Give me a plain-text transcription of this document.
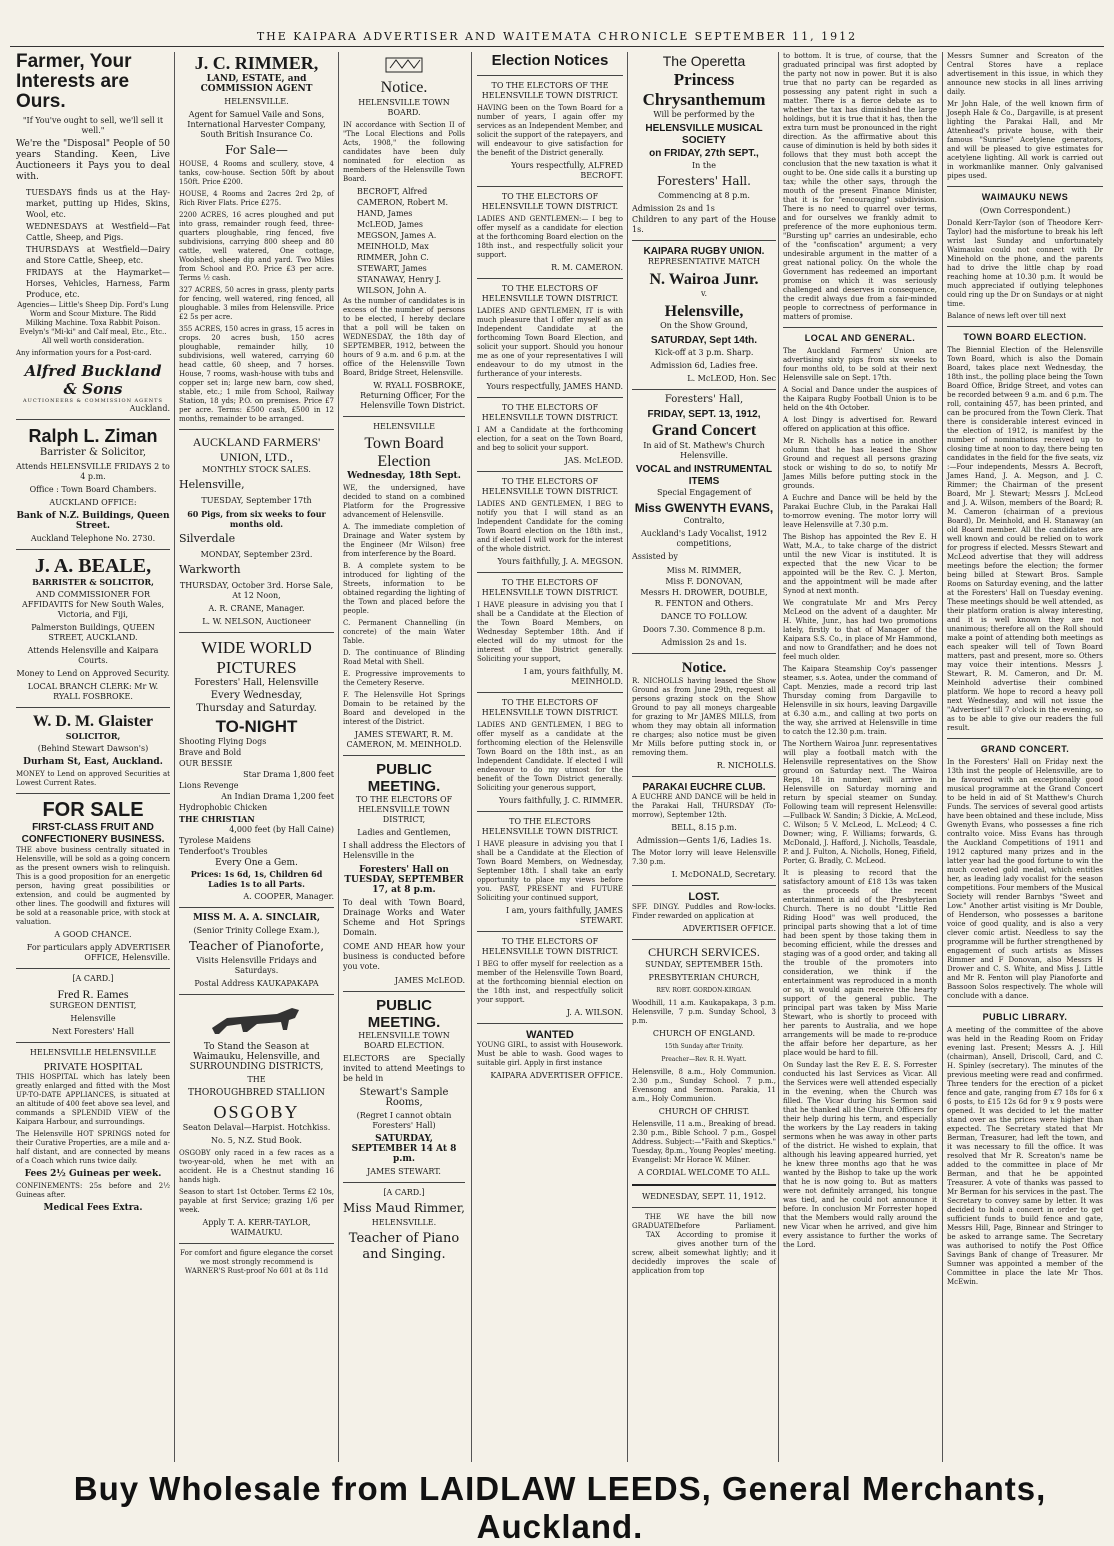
THE KAIPARA ADVERTISER AND WAITEMATA CHRONICLE SEPTEMBER 11, 1912
Farmer, Your Interests are Ours.
"If You've ought to sell, we'll sell it well."
We're the "Disposal" People of 50 years Standing. Keen, Live Auctioneers it Pays you to deal with.

TUESDAYS finds us at the Hay-market, putting up Hides, Skins, Wool, etc.

WEDNESDAYS at Westfield—Fat Cattle, Sheep, and Pigs.

THURSDAYS at Westfield—Dairy and Store Cattle, Sheep, etc.

FRIDAYS at the Haymarket—Horses, Vehicles, Harness, Farm Produce, etc.

Agencies— Little's Sheep Dip. Ford's Lung Worm and Scour Mixture. The Ridd Milking Machine. Toxa Rabbit Poison. Evelyn's "Mi-ki" and Calf meal, Etc., Etc.. All well worth consideration.
Any information yours for a Post-card.
Alfred Buckland & Sons
AUCTIONEERS & COMMISSION AGENTS
Auckland.
Ralph L. Ziman
Barrister & Solicitor,
Attends HELENSVILLE FRIDAYS 2 to 4 p.m.
Office : Town Board Chambers.
AUCKLAND OFFICE:
Bank of N.Z. Buildings, Queen Street.
Auckland Telephone No. 2730.
J. A. BEALE,
BARRISTER & SOLICITOR,
AND COMMISSIONER FOR AFFIDAVITS for New South Wales, Victoria, and Fiji,
Palmerston Buildings, QUEEN STREET, AUCKLAND.
Attends Helensville and Kaipara Courts.
Money to Lend on Approved Security.
LOCAL BRANCH CLERK: Mr W. RYALL FOSBROKE.
W. D. M. Glaister
SOLICITOR,
(Behind Stewart Dawson's)
Durham St, East, Auckland.
MONEY to Lend on approved Securities at Lowest Current Rates.
FOR SALE
FIRST-CLASS FRUIT AND CONFECTIONERY BUSINESS.
THE above business centrally situated in Helensville, will be sold as a going concern as the present owners wish to relinquish. This is a good proposition for an energetic person, having great possibilities or extension, and could be augmented by other lines. The goodwill and fixtures will be sold at a reasonable price, with stock at valuation.
A GOOD CHANCE.
For particulars apply ADVERTISER OFFICE, Helensville.
[A CARD.]
Fred R. Eames
SURGEON DENTIST,
Helensville
Next Foresters' Hall
HELENSVILLE HELENSVILLE
PRIVATE HOSPITAL
THIS HOSPITAL which has lately been greatly enlarged and fitted with the Most UP-TO-DATE APPLIANCES, is situated at an altitude of 400 feet above sea level, and commands a SPLENDID VIEW of the Kaipara Harbour, and surroundings.
The Helensville HOT SPRINGS noted for their Curative Properties, are a mile and a-half distant, and are connected by means of a Coach which runs twice daily.
Fees 2½ Guineas per week.
CONFINEMENTS: 25s before and 2½ Guineas after.
Medical Fees Extra.
J. C. RIMMER,
LAND, ESTATE, and COMMISSION AGENT
HELENSVILLE.
Agent for Samuel Vaile and Sons, International Harvester Company, South British Insurance Co.
For Sale—
HOUSE, 4 Rooms and scullery, stove, 4 tanks, cow-house. Section 50ft by about 150ft. Price £200.
HOUSE, 4 Rooms and 2acres 2rd 2p, of Rich River Flats. Price £275.
2200 ACRES, 16 acres ploughed and put into grass, remainder rough feed, three-quarters ploughable, ring fenced, five subdivisions, carrying 800 sheep and 80 cattle, well watered, One cottage, Woolshed, sheep dip and yard. Two Miles from School and P.O. Price £3 per acre. Terms ½ cash.
327 ACRES, 50 acres in grass, plenty parts for fencing, well watered, ring fenced, all ploughable. 3 miles from Helensville. Price £2 5s per acre.
355 ACRES, 150 acres in grass, 15 acres in crops. 20 acres bush, 150 acres ploughable, remainder hilly, 10 subdivisions, well watered, carrying 60 head cattle, 60 sheep, and 7 horses. House, 7 rooms, wash-house with tubs and copper set in; large new barn, cow shed, stable, etc.; 1 mile from School, Railway Station, 18 yds; P.O. on premises. Price £7 per acre. Terms: £500 cash, £500 in 12 months, remainder to be arranged.
AUCKLAND FARMERS' UNION, LTD.,
MONTHLY STOCK SALES.
Helensville,
TUESDAY, September 17th
60 Pigs, from six weeks to four months old.
Silverdale
MONDAY, September 23rd.
Warkworth
THURSDAY, October 3rd. Horse Sale, At 12 Noon,
A. R. CRANE, Manager.
L. W. NELSON, Auctioneer
WIDE WORLD PICTURES
Foresters' Hall, Helensville
Every Wednesday,
Thursday and Saturday.
TO-NIGHT
Shooting Flying Dogs
Brave and Bold
OUR BESSIE
Star Drama 1,800 feet
Lions Revenge
An Indian Drama 1,200 feet
Hydrophobic Chicken
THE CHRISTIAN
4,000 feet (by Hall Caine)
Tyrolese Maidens
Tenderfoot's Troubles
Every One a Gem.
Prices: 1s 6d, 1s, Children 6d Ladies 1s to all Parts.
A. COOPER, Manager.
MISS M. A. A. SINCLAIR,
(Senior Trinity College Exam.),
Teacher of Pianoforte,
Visits Helensville Fridays and Saturdays.
Postal Address KAUKAPAKAPA
To Stand the Season at Waimauku, Helensville, and SURROUNDING DISTRICTS,
THE
THOROUGHBRED STALLION
OSGOBY
Seaton Delaval—Harpist. Hotchkiss.
No. 5, N.Z. Stud Book.
OSGOBY only raced in a few races as a two-year-old, when he met with an accident. He is a Chestnut standing 16 hands high.
Season to start 1st October. Terms £2 10s, payable at first Service; grazing 1/6 per week.
Apply T. A. KERR-TAYLOR, WAIMAUKU.
For comfort and figure elegance the corset we most strongly recommend is WARNER'S Rust-proof No 601 at 8s 11d
Notice.
HELENSVILLE TOWN BOARD.
IN accordance with Section II of "The Local Elections and Polls Acts, 1908," the following candidates have been duly nominated for election as members of the Helensville Town Board.
BECROFT, Alfred
CAMERON, Robert M.
HAND, James
McLEOD, James
MEGSON, James A.
MEINHOLD, Max
RIMMER, John C.
STEWART, James
STANAWAY, Henry J.
WILSON, John A.
As the number of candidates is in excess of the number of persons to be elected, I hereby declare that a poll will be taken on WEDNESDAY, the 18th day of SEPTEMBER, 1912, between the hours of 9 a.m. and 6 p.m. at the office of the Helensville Town Board, Bridge Street, Helensville.
W. RYALL FOSBROKE, Returning Officer, For the Helensville Town District.
HELENSVILLE
Town Board Election
Wednesday, 18th Sept.
WE, the undersigned, have decided to stand on a combined Platform for the Progressive advancement of Helensville.
A. The immediate completion of Drainage and Water system by the Engineer (Mr Wilson) free from interference by the Board.
B. A complete system to be introduced for lighting of the Streets, information to be obtained regarding the lighting of the Town and placed before the people.
C. Permanent Channelling (in concrete) of the main Water Table.
D. The continuance of Blinding Road Metal with Shell.
E. Progressive improvements to the Cemetery Reserve.
F. The Helensville Hot Springs Domain to be retained by the Board and developed in the interest of the District.
JAMES STEWART, R. M. CAMERON, M. MEINHOLD.
PUBLIC MEETING.
TO THE ELECTORS OF HELENSVILLE TOWN DISTRICT,
Ladies and Gentlemen,
I shall address the Electors of Helensville in the
Foresters' Hall on TUESDAY, SEPTEMBER 17, at 8 p.m.
To deal with Town Board, Drainage Works and Water Scheme and Hot Springs Domain.
COME AND HEAR how your business is conducted before you vote.
JAMES McLEOD.
PUBLIC MEETING.
HELENSVILLE TOWN BOARD ELECTION.
ELECTORS are Specially invited to attend Meetings to be held in
Stewart's Sample Rooms,
(Regret I cannot obtain Foresters' Hall)
SATURDAY, SEPTEMBER 14 At 8 p.m.
JAMES STEWART.
[A CARD.]
Miss Maud Rimmer,
HELENSVILLE.
Teacher of Piano and Singing.
Election Notices
TO THE ELECTORS OF THE HELENSVILLE TOWN DISTRICT.
HAVING been on the Town Board for a number of years, I again offer my services as an Independent Member, and solicit the support of the ratepayers, and will endeavour to give satisfaction for the benefit of the District generally.
Yours respectfully, ALFRED BECROFT.
TO THE ELECTORS OF HELENSVILLE TOWN DISTRICT.
LADIES AND GENTLEMEN:— I beg to offer myself as a candidate for election at the forthcoming Board election on the 18th inst., and respectfully solicit your support.
R. M. CAMERON.
TO THE ELECTORS OF HELENSVILLE TOWN DISTRICT.
LADIES AND GENTLEMEN, IT is with much pleasure that I offer myself as an Independent Candidate at the forthcoming Town Board Election, and solicit your support. Should you honour me as one of your representatives I will endeavour to do my utmost in the furtherance of your interests.
Yours respectfully, JAMES HAND.
TO THE ELECTORS OF HELENSVILLE TOWN DISTRICT.
I AM a Candidate at the forthcoming election, for a seat on the Town Board, and beg to solicit your support.
JAS. McLEOD.
TO THE ELECTORS OF HELENSVILLE TOWN DISTRICT.
LADIES AND GENTLEMEN, I BEG to notify you that I will stand as an Independent Candidate for the coming Town Board election on the 18th inst., and if elected I will work for the interest of the whole district.
Yours faithfully, J. A. MEGSON.
TO THE ELECTORS OF HELENSVILLE TOWN DISTRICT.
I HAVE pleasure in advising you that I shall be a Candidate at the Election of the Town Board Members, on Wednesday September 18th. And if elected will do my utmost for the interest of the District generally. Soliciting your support,
I am, yours faithfully, M. MEINHOLD.
TO THE ELECTORS OF HELENSVILLE TOWN DISTRICT.
LADIES AND GENTLEMEN, I BEG to offer myself as a candidate at the forthcoming election of the Helensville Town Board on the 18th inst., as an Independent Candidate. If elected I will endeavour to do my utmost for the benefit of the Town District generally. Soliciting your generous support,
Yours faithfully, J. C. RIMMER.
TO THE ELECTORS HELENSVILLE TOWN DISTRICT.
I HAVE pleasure in advising you that I shall be a Candidate at the Election of Town Board Members, on Wednesday, September 18th. I shall take an early opportunity to place my views before you. PAST, PRESENT and FUTURE Soliciting your continued support,
I am, yours faithfully, JAMES STEWART.
TO THE ELECTORS OF HELENSVILLE TOWN DISTRICT.
I BEG to offer myself for reelection as a member of the Helensville Town Board, at the forthcoming biennial election on the 18th inst, and respectfully solicit your support.
J. A. WILSON.
WANTED
YOUNG GIRL, to assist with Housework. Must be able to wash. Good wages to suitable girl. Apply in first instance
KAIPARA ADVERTISER OFFICE.
The Operetta
Princess Chrysanthemum
Will be performed by the
HELENSVILLE MUSICAL SOCIETY
on FRIDAY, 27th SEPT.,
In the
Foresters' Hall.
Commencing at 8 p.m.
Admission 2s and 1s
Children to any part of the House 1s.
KAIPARA RUGBY UNION.
REPRESENTATIVE MATCH
N. Wairoa Junr.
v.
Helensville,
On the Show Ground,
SATURDAY, Sept 14th.
Kick-off at 3 p.m. Sharp.
Admission 6d, Ladies free.
L. McLEOD, Hon. Sec
Foresters' Hall,
FRIDAY, SEPT. 13, 1912,
Grand Concert
In aid of St. Mathew's Church Helensville.
VOCAL and INSTRUMENTAL ITEMS
Special Engagement of
Miss GWENYTH EVANS,
Contralto,
Auckland's Lady Vocalist, 1912 competitions,
Assisted by
Miss M. RIMMER,
Miss F. DONOVAN,
Messrs H. DROWER, DOUBLE,
R. FENTON and Others.
DANCE TO FOLLOW.
Doors 7.30. Commence 8 p.m.
Admission 2s and 1s.
Notice.
R. NICHOLLS having leased the Show Ground as from June 29th, request all persons grazing stock on the Show Ground to pay all moneys chargeable for grazing to Mr JAMES MILLS, from whom they may obtain all information re charges; also notice must be given Mr Mills before putting stock in, or removing them.
R. NICHOLLS.
PARAKAI EUCHRE CLUB.
A EUCHRE AND DANCE will be held in the Parakai Hall, THURSDAY (To-morrow), September 12th.
BELL, 8.15 p.m.
Admission—Gents 1/6, Ladies 1s.
The Motor lorry will leave Helensville 7.30 p.m.
I. McDONALD, Secretary.
LOST.
SFF. DINGY. Puddles and Row-locks. Finder rewarded on application at
ADVERTISER OFFICE.
CHURCH SERVICES.
SUNDAY, SEPTEMBER 15th.
PRESBYTERIAN CHURCH,
REV. ROBT. GORDON-KIRGAN.
Woodhill, 11 a.m. Kaukapakapa, 3 p.m. Helensville, 7 p.m. Sunday School, 3 p.m.
CHURCH OF ENGLAND.
15th Sunday after Trinity.
Preacher—Rev. R. H. Wyatt.
Helensville, 8 a.m., Holy Communion. 2.30 p.m., Sunday School. 7 p.m., Evensong and Sermon. Parakia, 11 a.m., Holy Communion.
CHURCH OF CHRIST.
Helensville, 11 a.m., Breaking of bread. 2.30 p.m., Bible School. 7 p.m., Gospel Address. Subject:—"Faith and Skeptics." Tuesday, 8p.m., Young Peoples' meeting. Evangelist: Mr Horace W. Milner.
A CORDIAL WELCOME TO ALL.
WEDNESDAY, SEPT. 11, 1912.
THE GRADUATED TAX
WE have the bill now before Parliament. According to promise it gives another turn of the screw, albeit somewhat lightly; and it decidedly improves the scale of application from top
to bottom. It is true, of course, that the graduated principal was first adopted by the party not now in power. But it is also true that no party can be regarded as possessing any patent right in such a matter. There is a fierce debate as to whether the tax has diminished the large holdings, but it is true that it has, then the extra turn must be pronounced in the right direction. As the affirmative about this cause of diminution is held by both sides it follows that they must both accept the conclusion that the new taxation is what it ought to be. One side calls it a bursting up tax; while the other says, through the mouth of the present Finance Minister, that it is for "encouraging" subdivision. There is no need to quarrel over terms, and for ourselves we frankly admit to preference of the more euphonious term. "Bursting up" carries an undesirable, echo of the "confiscation" argument; a very undesirable argument in the matter of a great national policy. On the whole the Government has redeemed an important promise on which it was seriously challenged and deserves in consequence, the credit always due from a fair-minded people to correctness of performance in matters of promise.
LOCAL AND GENERAL.
The Auckland Farmers' Union are advertising sixty pigs from six weeks to four months old, to be sold at their next Helensville sale on Sept. 17th.
A Social and Dance under the auspices of the Kaipara Rugby Football Union is to be held on the 4th October.
A lost Dingy is advertised for. Reward offered on application at this office.
Mr R. Nicholls has a notice in another column that he has leased the Show Ground and request all persons grazing stock or wishing to do so, to notify Mr James Mills before putting stock in the grounds.
A Euchre and Dance will be held by the Parakai Euchre Club, in the Parakai Hall to-morrow evening. The motor lorry will leave Helensville at 7.30 p.m.
The Bishop has appointed the Rev E. H Watt, M.A., to take charge of the district until the new Vicar is instituted. It is expected that the new Vicar to be appointed will be the Rev. C. J. Merton, and the appointment will be made after Synod at next month.
We congratulate Mr and Mrs Percy McLeod on the advent of a daughter. Mr H. White, Junr., has had two promotions lately, firstly to that of Manager of the Kaipara S.S. Co., in place of Mr Hammond, and now to Grandfather; and he does not feel much older.
The Kaipara Steamship Coy's passenger steamer, s.s. Aotea, under the command of Capt. Menzies, made a record trip last Thursday coming from Dargaville to Helensville in six hours, leaving Dargaville at 6.30 a.m., and calling at two ports on the way, she arrived at Helensville in time to catch the 12.30 p.m. train.
The Northern Wairoa Junr. representatives will play a football match with the Helensville representatives on the Show ground on Saturday next. The Wairoa Reps, 18 in number, will arrive in Helensville on Saturday morning and return by special steamer on Sunday. Following team will represent Helensville:—Fullback W. Sandin; 3 Dickie, A. McLeod, C. Wilson; 5 V. McLeod, L. McLeod; 4 C. Downer; wing, F. Williams; forwards, G. McDonald, J. Hafford, J. Nicholls, Teasdale, P. and J. Fulton, A. Nicholls, Honeg, Fifield, Porter, G. Bradly, C. McLeod.
It is pleasing to record that the satisfactory amount of £18 13s was taken as the proceeds of the recent entertainment in aid of the Presbyterian Church. There is no doubt "Little Red Riding Hood" was well produced, the principal parts showing that a lot of time had been spent by those taking them in becoming efficient, while the dresses and staging was of a good order, and taking all the trouble of the promoters into consideration, we think if the entertainment was reproduced in a month or so, it would again receive the hearty support of the general public. The principal part was taken by Miss Marie Stewart, who is shortly to proceed with her parents to Australia, and we hope arrangements will be made to re-produce the affair before her departure, as her place would be hard to fill.
On Sunday last the Rev E. E. S. Forrester conducted his last Services as Vicar. All the Services were well attended especially in the evening, when the Church was filled. The Vicar during his Sermon said that he thanked all the Church Officers for their help during his term, and especially the workers by the Lay readers in taking sermons when he was away in other parts of the district. He wished to explain, that although his leaving appeared hurried, yet he knew three months ago that he was wanted by the Bishop to take up the work that he is now going to. But as matters were not definitely arranged, his tongue was tied, and he could not announce it before. In conclusion Mr Forrester hoped that the Members would rally around the new Vicar when he arrived, and give him every assistance to further the works of the Lord.
Messrs Sumner and Screaton of the Central Stores have a replace advertisement in this issue, in which they announce new stocks in all lines arriving daily.
Mr John Hale, of the well known firm of Joseph Hale & Co., Dargaville, is at present lighting the Parakai Hall, and Mr Attenhead's private house, with their famous "Sunrise" Acetylene generators, and will be pleased to give estimates for acetylene lighting. All work is carried out in workmanlike manner. Only galvanised pipes used.
WAIMAUKU NEWS
(Own Correspondent.)
Donald Kerr-Taylor (son of Theodore Kerr-Taylor) had the misfortune to break his left wrist last Sunday and unfortunately Waimauku could not connect with Dr Minehold on the phone, and the parents had to drive the little chap by road reaching home at 10.30 p.m. It would be much appreciated if outlying telephones could ring up the Dr on Sundays or at night time.
Balance of news left over till next
TOWN BOARD ELECTION.
The Biennial Election of the Helensville Town Board, which is also the Domain Board, takes place next Wednesday, the 18th inst., the polling place being the Town Board Office, Bridge Street, and votes can be recorded between 9 a.m. and 6 p.m. The roll, containing 457, has been printed, and can be procured from the Town Clerk. That there is considerable interest evinced in the election of 1912, is manifest by the number of nominations received up to closing time at noon to day, there being ten candidates in the field for the five seats, viz :—Four independents, Messrs A. Becroft, James Hand, J. A. Megson, and J. C. Rimmer; the Chairman of the present Board, Mr J. Stewart; Messrs J. McLeod and J. A. Wilson, members of the Board; R. M. Cameron (chairman of a previous Board), Dr. Meinhold, and H. Stanaway (an old Board member. All the candidates are well known and could be relied on to work for progress if elected. Messrs Stewart and McLeod advertise that they will address meetings before the election; the former being billed at Stewart Bros. Sample Rooms on Saturday evening, and the latter at the Foresters' Hall on Tuesday evening. These meetings should be well attended, as their platform oration is alway interesting, and it is well known they are not unanimous; therefore all on the Roll should make a point of attending both meetings as each speaker will tell of Town Board matters, past and present, more so. Others may voice their intentions. Messrs J. Stewart, R. M. Cameron, and Dr. M. Meinhold advertise their combined platform. We hope to record a heavy poll next Wednesday, and will not issue the "Advertiser" till 7 o'clock in the evening, so as to be able to give our readers the full result.
GRAND CONCERT.
In the Foresters' Hall on Friday next the 13th inst the people of Helensville, are to be favoured with an exceptionally good musical programme at the Grand Concert to be held in aid of St Matthew's Church Funds. The services of several good artists have been obtained and these include, Miss Gwenyth Evans, who possesses a fine rich contralto voice. Miss Evans has through the Auckland Competitions of 1911 and 1912 captured many prizes and in the latter year had the good fortune to win the much coveted gold medal, which entitles her, as leading lady vocalist for the season competitions. Four members of the Musical Society will render Barnbys "Sweet and Low." Another artist visiting is Mr Double, of Henderson, who possesses a baritone voice of good quality, and is also a very clever comic artist. Needless to say the programme will be further strengthened by engagement of such artists as Misses Rimmer and F Donovan, also Messrs H Drower and C. S. White, and Miss J. Little and Mr R. Fenton will play Pianoforte and Bassoon Solos respectively. The whole will conclude with a dance.
PUBLIC LIBRARY.
A meeting of the committee of the above was held in the Reading Room on Friday evening last. Present; Messrs A. J. Hill (chairman), Ansell, Driscoll, Card, and C. H. Spinley (secretary). The minutes of the previous meeting were read and confirmed. Three tenders for the erection of a picket fence and gate, ranging from £7 18s for 6 x 6 posts, to £15 12s 6d for 9 x 9 posts were opened. It was decided to let the matter stand over as the prices were higher than expected. The Secretary stated that Mr Berman, Treasurer, had left the town, and it was necessary to fill the office. It was resolved that Mr R. Screaton's name be added to the committee in place of Mr Berman, and that he be appointed Treasurer. A vote of thanks was passed to Mr Berman for his services in the past. The Secretary to convey same by letter. It was decided to hold a concert in order to get sufficient funds to build fence and gate, Messrs Hill, Page, Binnear and Stringer to be asked to arrange same. The Secretary was authorised to notify the Post Office Savings Bank of change of Treasurer. Mr Sumner was appointed a member of the Committee in place the late Mr Thos. McEwin.
Buy Wholesale from LAIDLAW LEEDS, General Merchants, Auckland.
